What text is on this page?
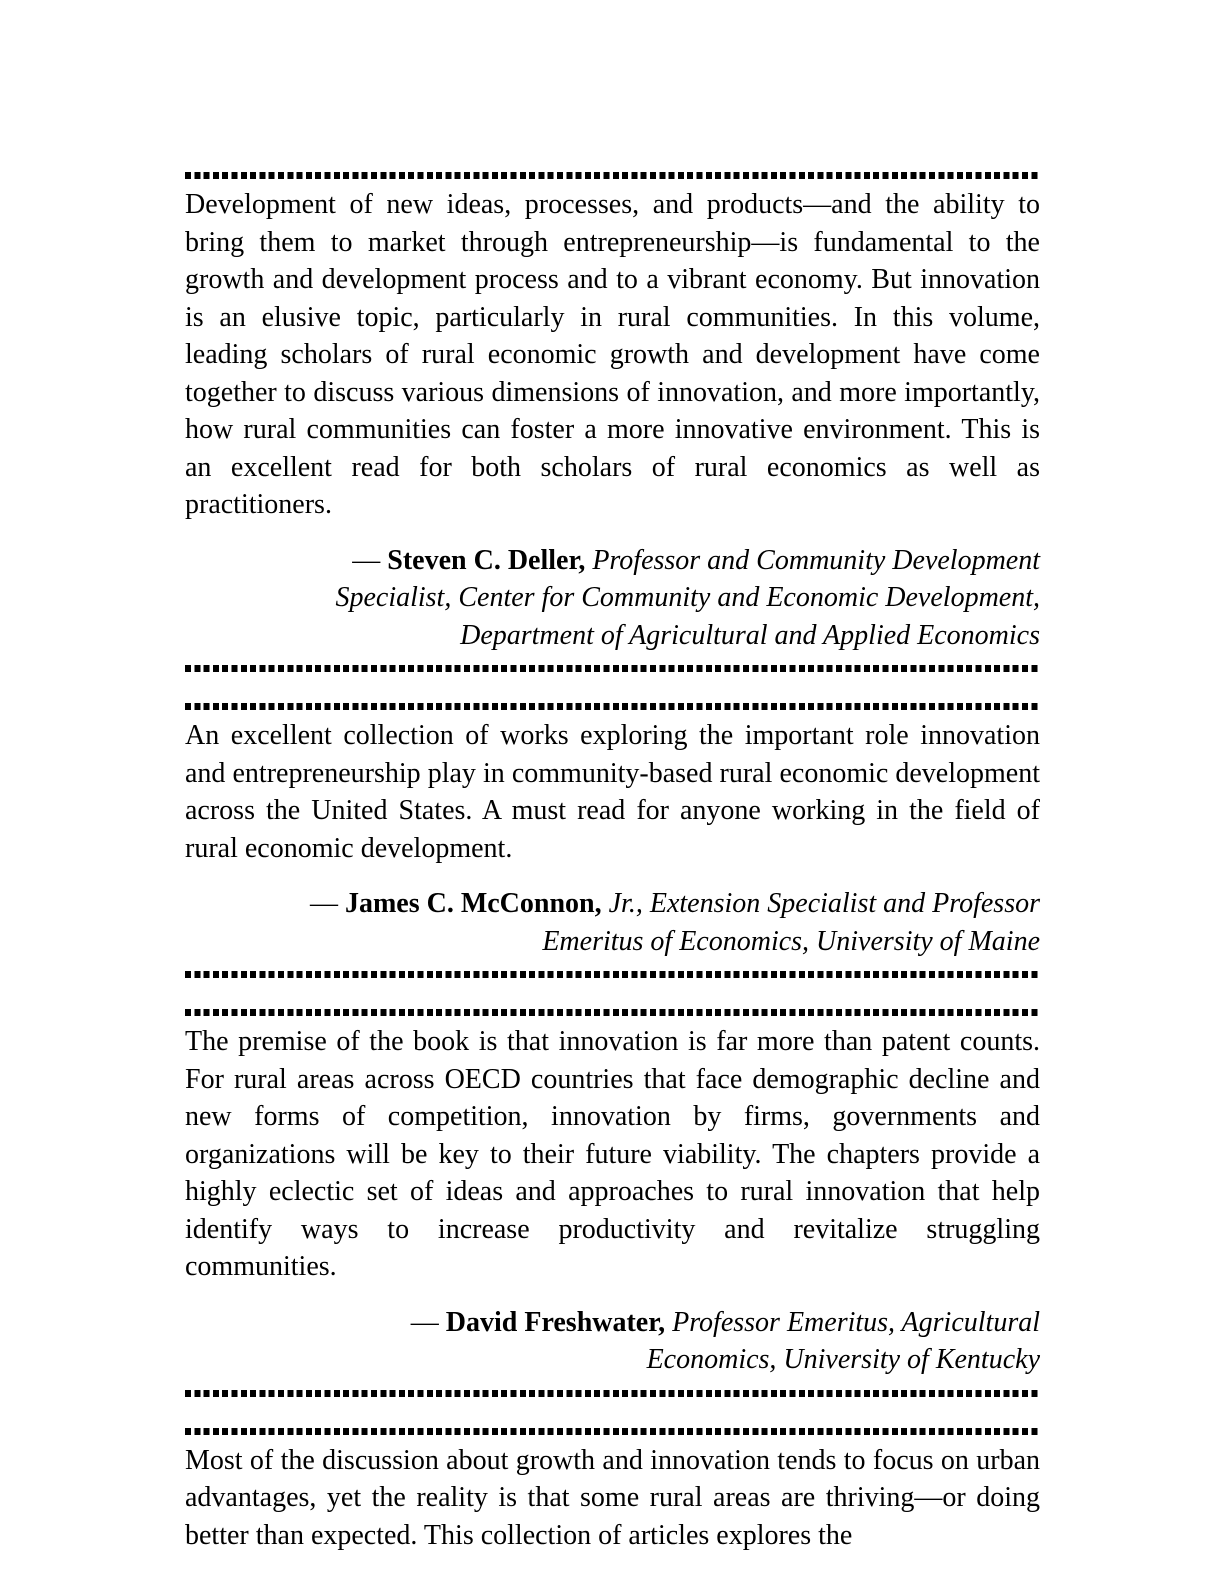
Development of new ideas, processes, and products—and the ability to bring them to market through entrepreneurship—is fundamental to the growth and development process and to a vibrant economy. But innovation is an elusive topic, particularly in rural communities. In this volume, leading scholars of rural economic growth and development have come together to discuss various dimensions of innovation, and more importantly, how rural communities can foster a more innovative environment. This is an excellent read for both scholars of rural economics as well as practitioners.

— Steven C. Deller, Professor and Community Development Specialist, Center for Community and Economic Development, Department of Agricultural and Applied Economics

An excellent collection of works exploring the important role innovation and entrepreneurship play in community-based rural economic development across the United States. A must read for anyone working in the field of rural economic development.

— James C. McConnon, Jr., Extension Specialist and Professor Emeritus of Economics, University of Maine

The premise of the book is that innovation is far more than patent counts. For rural areas across OECD countries that face demographic decline and new forms of competition, innovation by firms, governments and organizations will be key to their future viability. The chapters provide a highly eclectic set of ideas and approaches to rural innovation that help identify ways to increase productivity and revitalize struggling communities.

— David Freshwater, Professor Emeritus, Agricultural Economics, University of Kentucky

Most of the discussion about growth and innovation tends to focus on urban advantages, yet the reality is that some rural areas are thriving—or doing better than expected. This collection of articles explores the
